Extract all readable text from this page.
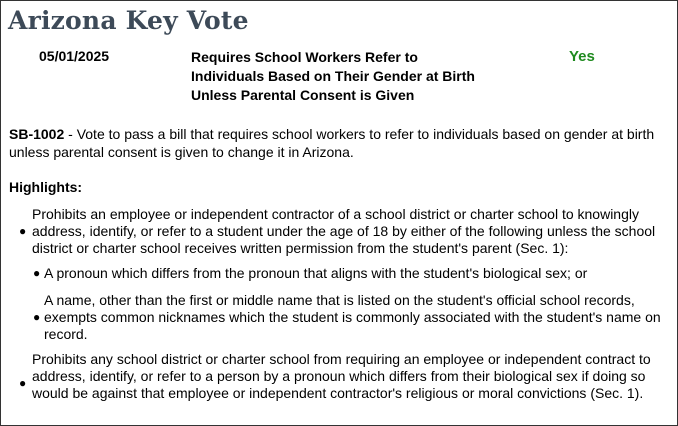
Arizona Key Vote
05/01/2025	Requires School Workers Refer to Individuals Based on Their Gender at Birth Unless Parental Consent is Given
Yes
SB-1002 - Vote to pass a bill that requires school workers to refer to individuals based on gender at birth unless parental consent is given to change it in Arizona.
Highlights:
●
Prohibits an employee or independent contractor of a school district or charter school to knowingly address, identify, or refer to a student under the age of 18 by either of the following unless the school district or charter school receives written permission from the student's parent (Sec. 1):
● A pronoun which differs from the pronoun that aligns with the student's biological sex; or
●
A name, other than the first or middle name that is listed on the student's official school records, exempts common nicknames which the student is commonly associated with the student's name on record.
●
Prohibits any school district or charter school from requiring an employee or independent contract to address, identify, or refer to a person by a pronoun which differs from their biological sex if doing so would be against that employee or independent contractor's religious or moral convictions (Sec. 1).
